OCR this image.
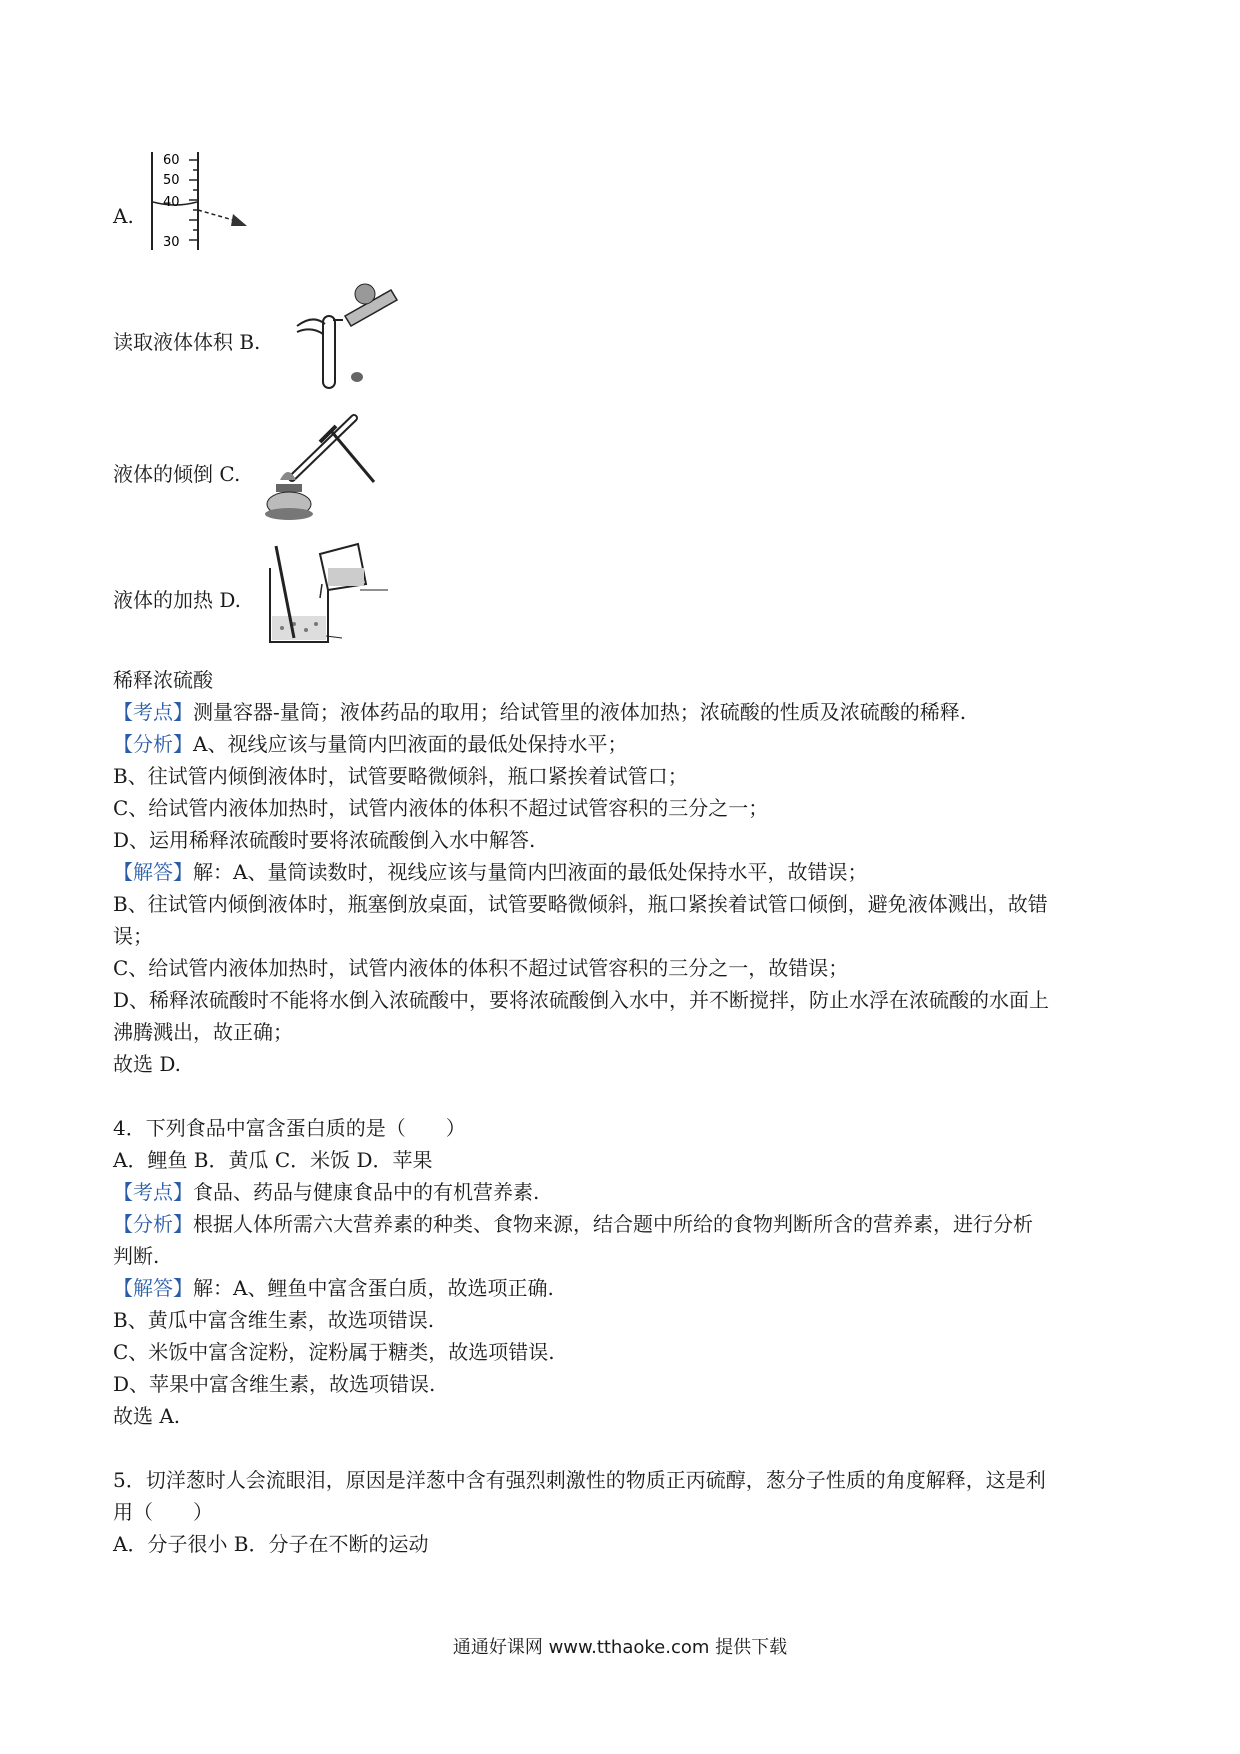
A.
60
50
40
30
读取液体体积 B.
液体的倾倒 C.
液体的加热 D.
稀释浓硫酸
【考点】测量容器-量筒；液体药品的取用；给试管里的液体加热；浓硫酸的性质及浓硫酸的稀释.
【分析】A、视线应该与量筒内凹液面的最低处保持水平；
B、往试管内倾倒液体时，试管要略微倾斜，瓶口紧挨着试管口；
C、给试管内液体加热时，试管内液体的体积不超过试管容积的三分之一；
D、运用稀释浓硫酸时要将浓硫酸倒入水中解答.
【解答】解：A、量筒读数时，视线应该与量筒内凹液面的最低处保持水平，故错误；
B、往试管内倾倒液体时，瓶塞倒放桌面，试管要略微倾斜，瓶口紧挨着试管口倾倒，避免液体溅出，故错
误；
C、给试管内液体加热时，试管内液体的体积不超过试管容积的三分之一，故错误；
D、稀释浓硫酸时不能将水倒入浓硫酸中，要将浓硫酸倒入水中，并不断搅拌，防止水浮在浓硫酸的水面上
沸腾溅出，故正确；
故选 D.
4．下列食品中富含蛋白质的是（　　）
A．鲤鱼 B．黄瓜 C．米饭 D．苹果
【考点】食品、药品与健康食品中的有机营养素.
【分析】根据人体所需六大营养素的种类、食物来源，结合题中所给的食物判断所含的营养素，进行分析
判断.
【解答】解：A、鲤鱼中富含蛋白质，故选项正确.
B、黄瓜中富含维生素，故选项错误.
C、米饭中富含淀粉，淀粉属于糖类，故选项错误.
D、苹果中富含维生素，故选项错误.
故选 A.
5．切洋葱时人会流眼泪，原因是洋葱中含有强烈刺激性的物质正丙硫醇，葱分子性质的角度解释，这是利
用（　　）
A．分子很小 B．分子在不断的运动
通通好课网 www.tthaoke.com 提供下载
